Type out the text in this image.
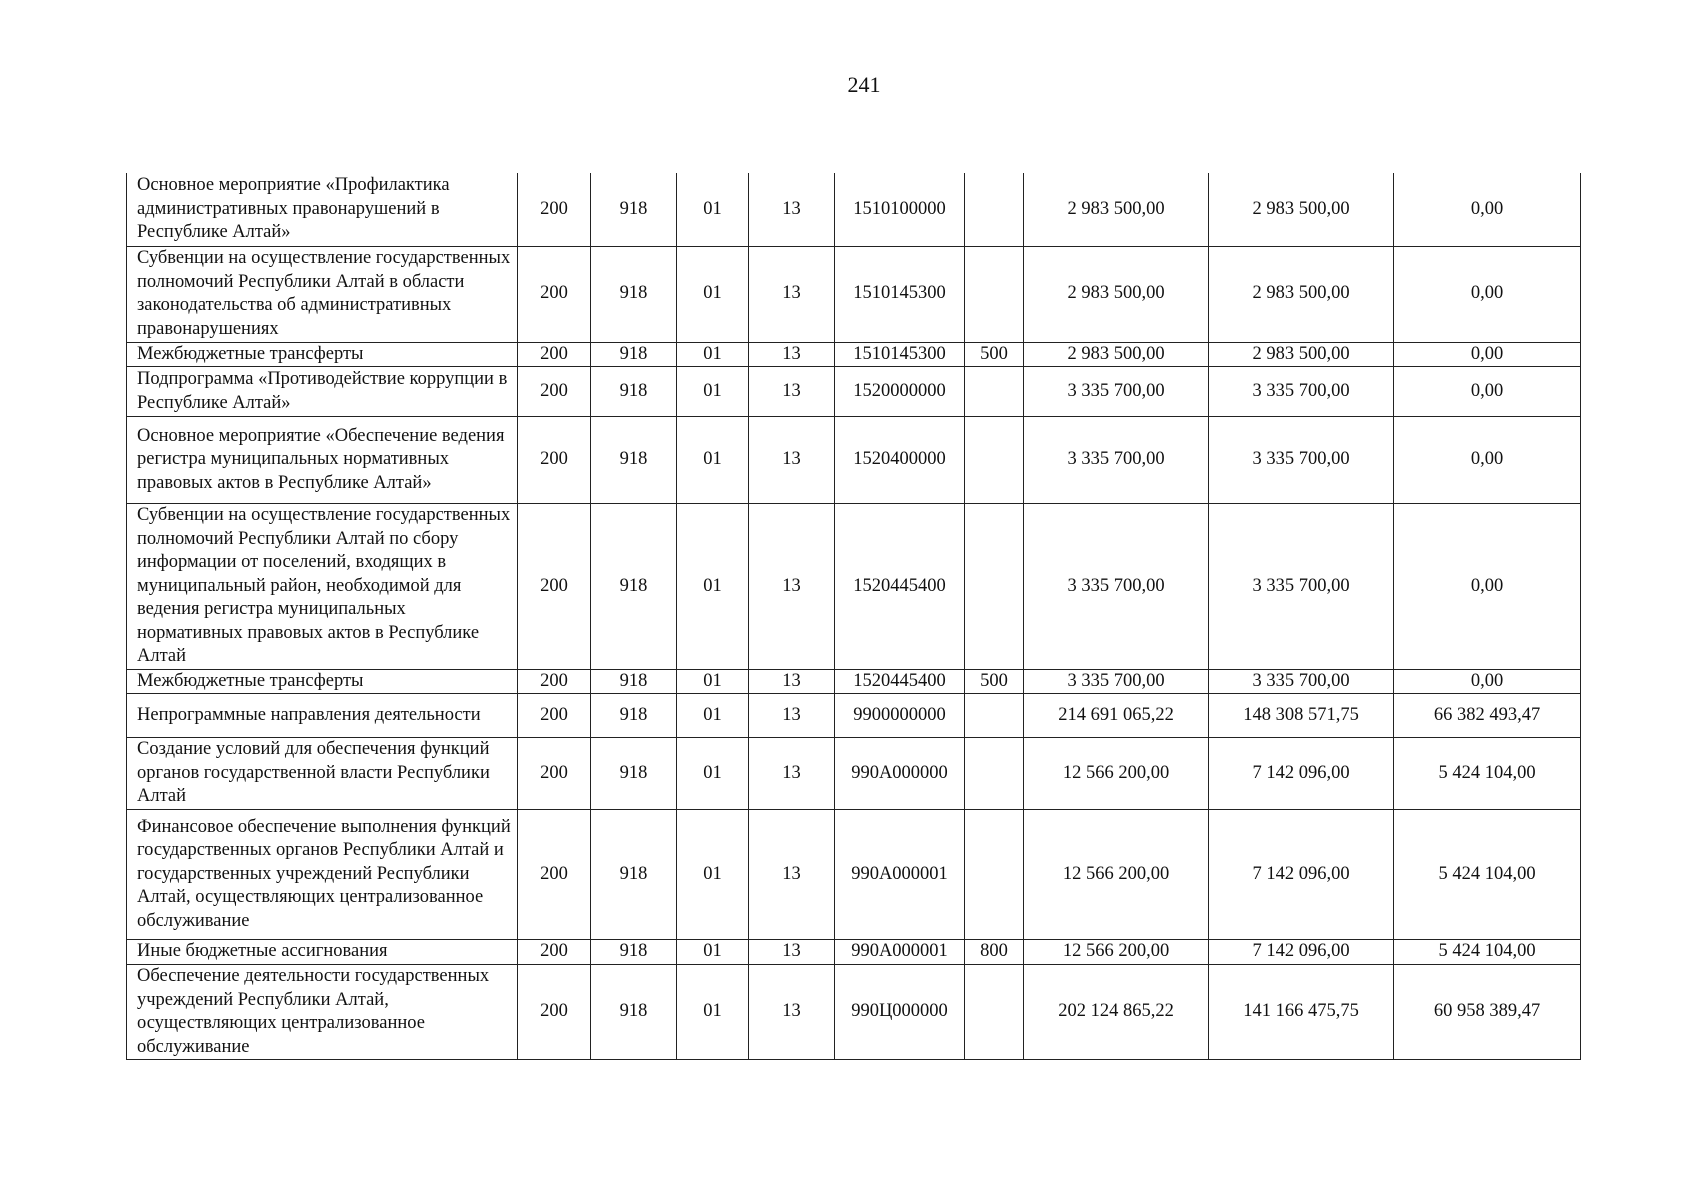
241
Основное мероприятие «Профилактика административных правонарушений в Республике Алтай»	200	918	01	13	1510100000		2 983 500,00	2 983 500,00	0,00
Субвенции на осуществление государственных полномочий Республики Алтай в области законодательства об административных правонарушениях	200	918	01	13	1510145300		2 983 500,00	2 983 500,00	0,00
Межбюджетные трансферты	200	918	01	13	1510145300	500	2 983 500,00	2 983 500,00	0,00
Подпрограмма «Противодействие коррупции в Республике Алтай»	200	918	01	13	1520000000		3 335 700,00	3 335 700,00	0,00
Основное мероприятие «Обеспечение ведения регистра муниципальных нормативных правовых актов в Республике Алтай»	200	918	01	13	1520400000		3 335 700,00	3 335 700,00	0,00
Субвенции на осуществление государственных полномочий Республики Алтай по сбору информации от поселений, входящих в муниципальный район, необходимой для ведения регистра муниципальных нормативных правовых актов в Республике Алтай	200	918	01	13	1520445400		3 335 700,00	3 335 700,00	0,00
Межбюджетные трансферты	200	918	01	13	1520445400	500	3 335 700,00	3 335 700,00	0,00
Непрограммные направления деятельности	200	918	01	13	9900000000		214 691 065,22	148 308 571,75	66 382 493,47
Создание условий для обеспечения функций органов государственной власти Республики Алтай	200	918	01	13	990А000000		12 566 200,00	7 142 096,00	5 424 104,00
Финансовое обеспечение выполнения функций государственных органов Республики Алтай и государственных учреждений Республики Алтай, осуществляющих централизованное обслуживание	200	918	01	13	990А000001		12 566 200,00	7 142 096,00	5 424 104,00
Иные бюджетные ассигнования	200	918	01	13	990А000001	800	12 566 200,00	7 142 096,00	5 424 104,00
Обеспечение деятельности государственных учреждений Республики Алтай, осуществляющих централизованное обслуживание	200	918	01	13	990Ц000000		202 124 865,22	141 166 475,75	60 958 389,47
